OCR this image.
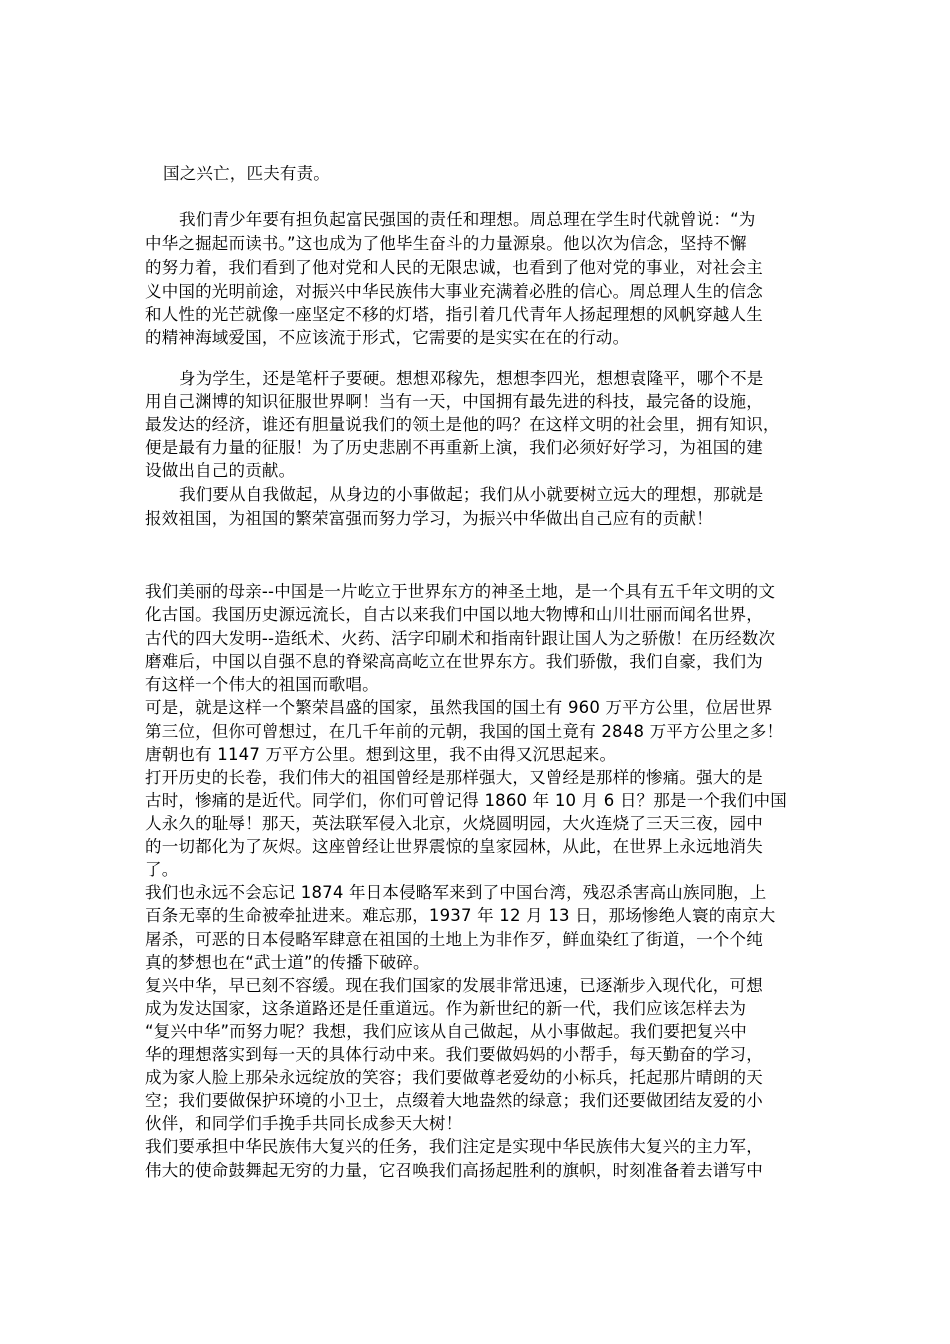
国之兴亡，匹夫有责。
我们青少年要有担负起富民强国的责任和理想。周总理在学生时代就曾说：“为
中华之掘起而读书。”这也成为了他毕生奋斗的力量源泉。他以次为信念，坚持不懈
的努力着，我们看到了他对党和人民的无限忠诚，也看到了他对党的事业，对社会主
义中国的光明前途，对振兴中华民族伟大事业充满着必胜的信心。周总理人生的信念
和人性的光芒就像一座坚定不移的灯塔，指引着几代青年人扬起理想的风帆穿越人生
的精神海域爱国，不应该流于形式，它需要的是实实在在的行动。
身为学生，还是笔杆子要硬。想想邓稼先，想想李四光，想想袁隆平，哪个不是
用自己渊博的知识征服世界啊！当有一天，中国拥有最先进的科技，最完备的设施，
最发达的经济，谁还有胆量说我们的领土是他的吗？在这样文明的社会里，拥有知识，
便是最有力量的征服！为了历史悲剧不再重新上演，我们必须好好学习，为祖国的建
设做出自己的贡献。
我们要从自我做起，从身边的小事做起；我们从小就要树立远大的理想，那就是
报效祖国，为祖国的繁荣富强而努力学习，为振兴中华做出自己应有的贡献！
我们美丽的母亲--中国是一片屹立于世界东方的神圣土地，是一个具有五千年文明的文
化古国。我国历史源远流长，自古以来我们中国以地大物博和山川壮丽而闻名世界，
古代的四大发明--造纸术、火药、活字印刷术和指南针跟让国人为之骄傲！在历经数次
磨难后，中国以自强不息的脊梁高高屹立在世界东方。我们骄傲，我们自豪，我们为
有这样一个伟大的祖国而歌唱。
可是，就是这样一个繁荣昌盛的国家，虽然我国的国土有 960 万平方公里，位居世界
第三位，但你可曾想过，在几千年前的元朝，我国的国土竟有 2848 万平方公里之多！
唐朝也有 1147 万平方公里。想到这里，我不由得又沉思起来。
打开历史的长卷，我们伟大的祖国曾经是那样强大，又曾经是那样的惨痛。强大的是
古时，惨痛的是近代。同学们，你们可曾记得 1860 年 10 月 6 日？那是一个我们中国
人永久的耻辱！那天，英法联军侵入北京，火烧圆明园，大火连烧了三天三夜，园中
的一切都化为了灰烬。这座曾经让世界震惊的皇家园林，从此，在世界上永远地消失
了。
我们也永远不会忘记 1874 年日本侵略军来到了中国台湾，残忍杀害高山族同胞，上
百条无辜的生命被牵扯进来。难忘那，1937 年 12 月 13 日，那场惨绝人寰的南京大
屠杀，可恶的日本侵略军肆意在祖国的土地上为非作歹，鲜血染红了街道，一个个纯
真的梦想也在“武士道”的传播下破碎。
复兴中华，早已刻不容缓。现在我们国家的发展非常迅速，已逐渐步入现代化，可想
成为发达国家，这条道路还是任重道远。作为新世纪的新一代，我们应该怎样去为
“复兴中华”而努力呢？我想，我们应该从自己做起，从小事做起。我们要把复兴中
华的理想落实到每一天的具体行动中来。我们要做妈妈的小帮手，每天勤奋的学习，
成为家人脸上那朵永远绽放的笑容；我们要做尊老爱幼的小标兵，托起那片晴朗的天
空；我们要做保护环境的小卫士，点缀着大地盎然的绿意；我们还要做团结友爱的小
伙伴，和同学们手挽手共同长成参天大树！
我们要承担中华民族伟大复兴的任务，我们注定是实现中华民族伟大复兴的主力军，
伟大的使命鼓舞起无穷的力量，它召唤我们高扬起胜利的旗帜，时刻准备着去谱写中
